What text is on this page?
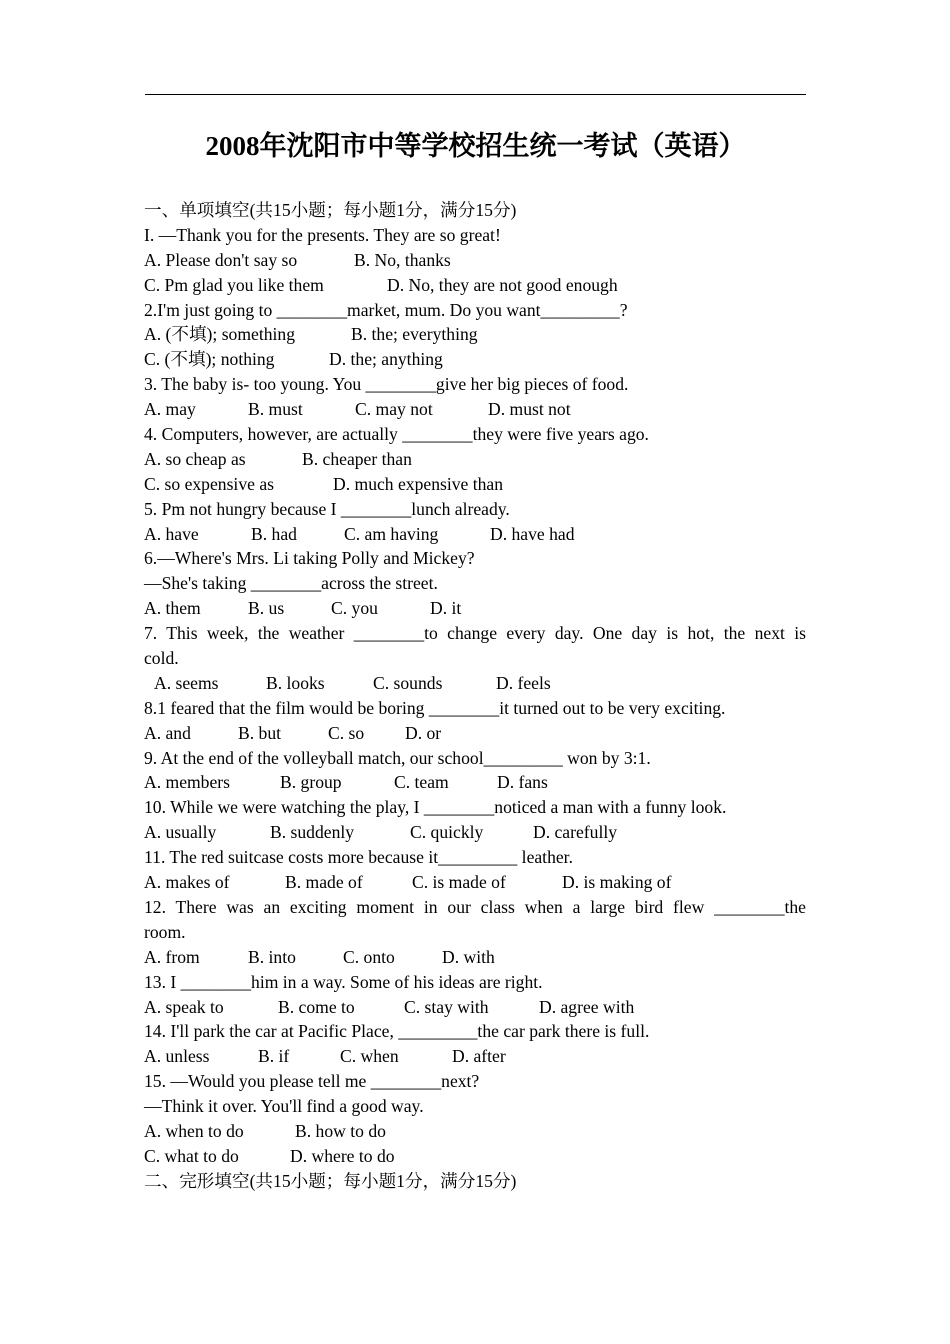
2008年沈阳市中等学校招生统一考试（英语）
一、单项填空(共15小题；每小题1分，满分15分)
I. —Thank you for the presents. They are so great!
A. Please don't say so	B. No, thanks
C. Pm glad you like them	D. No, they are not good enough
2.I'm just going to ________market, mum. Do you want_________?
A. (不填); something	B. the; everything
C. (不填); nothing	D. the; anything
3. The baby is- too young. You ________give her big pieces of food.
A. may	B. must	C. may not	D. must not
4. Computers, however, are actually ________they were five years ago.
A. so cheap as	B. cheaper than
C. so expensive as	D. much expensive than
5. Pm not hungry because I ________lunch already.
A. have	B. had	C. am having	D. have had
6.—Where's Mrs. Li taking Polly and Mickey?
—She's taking ________across the street.
A. them	B. us	C. you	D. it
7. This week, the weather ________to change every day. One day is hot, the next is
cold.
A. seems	B. looks	C. sounds	D. feels
8.1 feared that the film would be boring ________it turned out to be very exciting.
A. and	B. but	C. so D. or
9. At the end of the volleyball match, our school_________ won by 3:1.
A. members	B. group	C. team	D. fans
10. While we were watching the play, I ________noticed a man with a funny look.
A. usually	B. suddenly	C. quickly	D. carefully
11. The red suitcase costs more because it_________ leather.
A. makes of	B. made of	C. is made of	D. is making of
12. There was an exciting moment in our class when a large bird flew ________the
room.
A. from	B. into	C. onto	D. with
13. I ________him in a way. Some of his ideas are right.
A. speak to	B. come to	C. stay with	D. agree with
14. I'll park the car at Pacific Place, _________the car park there is full.
A. unless	B. if	C. when	D. after
15. —Would you please tell me ________next?
—Think it over. You'll find a good way.
A. when to do	B. how to do
C. what to do	D. where to do
二、完形填空(共15小题；每小题1分，满分15分)
